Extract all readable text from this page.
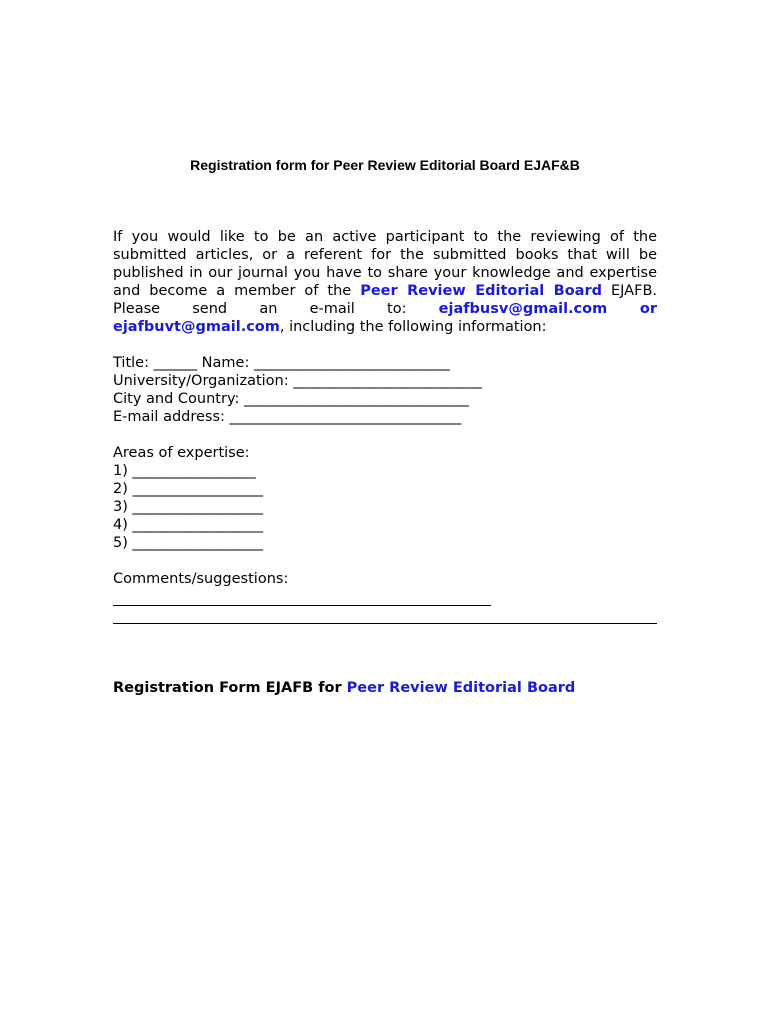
Registration form for Peer Review Editorial Board EJAF&B

If you would like to be an active participant to the reviewing of the submitted articles, or a referent for the submitted books that will be published in our journal you have to share your knowledge and expertise and become a member of the Peer Review Editorial Board EJAFB. Please send an e-mail to: ejafbusv@gmail.com or ejafbuvt@gmail.com, including the following information:

Title: ______ Name: ___________________________
University/Organization: __________________________
City and Country: _______________________________
E-mail address: ________________________________
Areas of expertise:
1) _________________
2) __________________
3) __________________
4) __________________
5) __________________
Comments/suggestions:
Registration Form EJAFB for Peer Review Editorial Board
